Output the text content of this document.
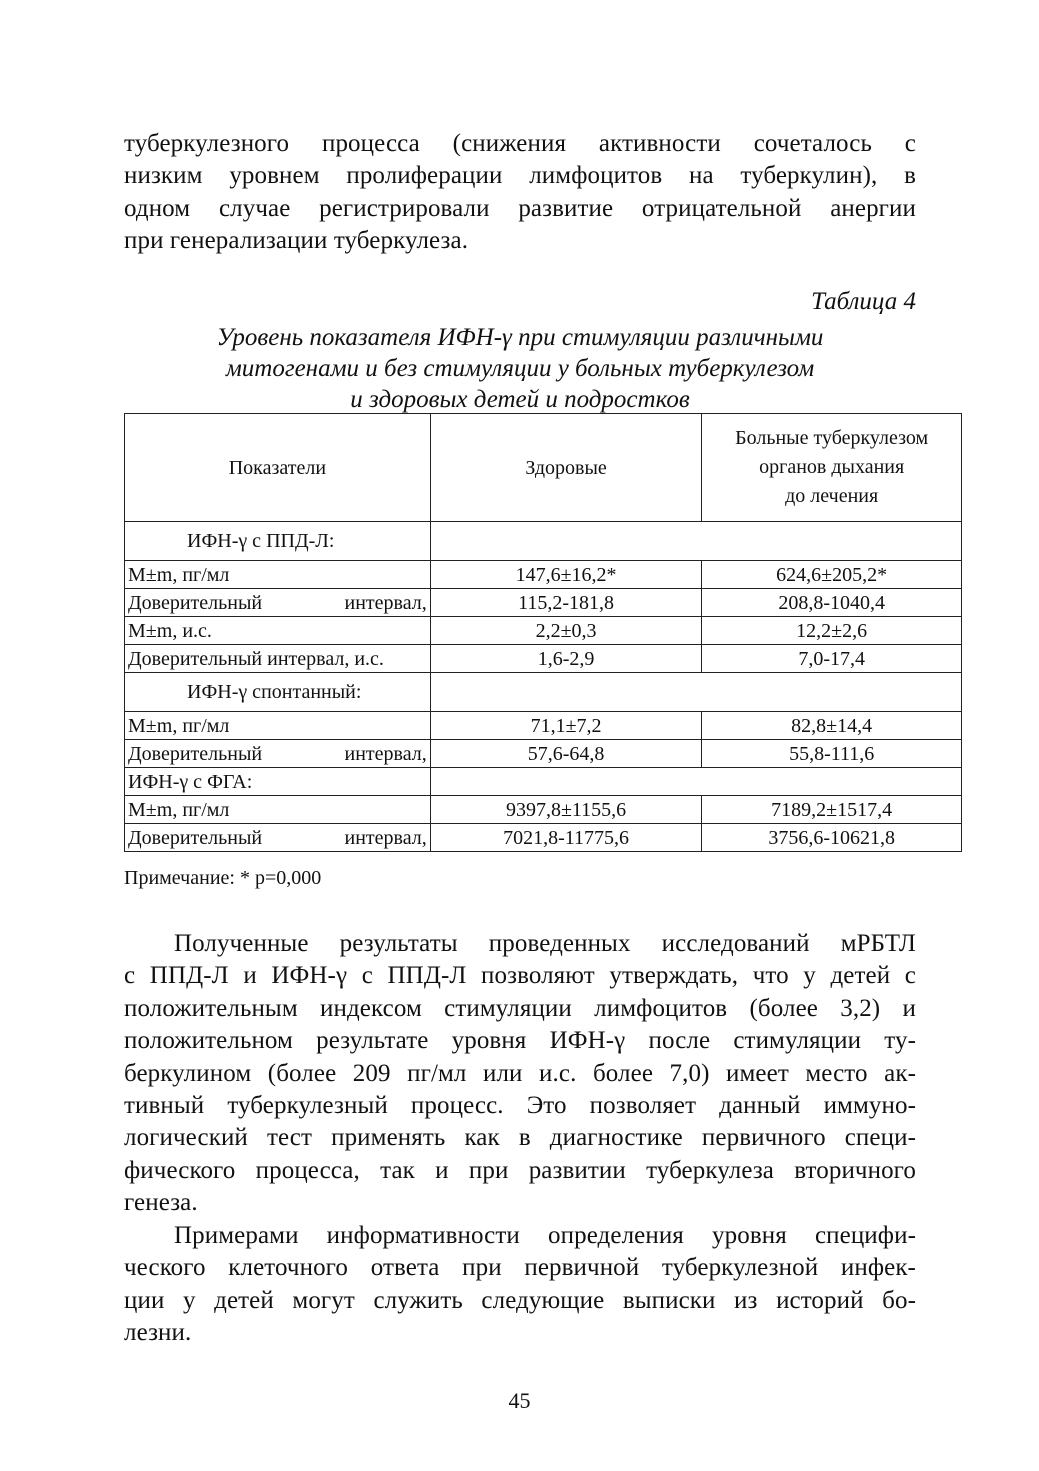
туберкулезного процесса (снижения активности сочеталось с
низким уровнем пролиферации лимфоцитов на туберкулин), в
одном случае регистрировали развитие отрицательной анергии
при генерализации туберкулеза.
Таблица 4
Уровень показателя ИФН-γ при стимуляции различными
митогенами и без стимуляции у больных туберкулезом
и здоровых детей и подростков
Показатели	Здоровые	Больные туберкулезом
органов дыхания
до лечения

ИФН-γ с ППД-Л:		
M±m, пг/мл	147,6±16,2*	624,6±205,2*
Доверительный интервал,	115,2-181,8	208,8-1040,4
M±m, и.с.	2,2±0,3	12,2±2,6
Доверительный интервал, и.с.	1,6-2,9	7,0-17,4
ИФН-γ спонтанный:		
M±m, пг/мл	71,1±7,2	82,8±14,4
Доверительный интервал,	57,6-64,8	55,8-111,6
ИФН-γ с ФГА:		
M±m, пг/мл	9397,8±1155,6	7189,2±1517,4
Доверительный интервал,	7021,8-11775,6	3756,6-10621,8
Примечание: * р=0,000
Полученные результаты проведенных исследований мРБТЛ
с ППД-Л и ИФН-γ с ППД-Л позволяют утверждать, что у детей с
положительным индексом стимуляции лимфоцитов (более 3,2) и
положительном результате уровня ИФН-γ после стимуляции ту-
беркулином (более 209 пг/мл или и.с. более 7,0) имеет место ак-
тивный туберкулезный процесс. Это позволяет данный иммуно-
логический тест применять как в диагностике первичного специ-
фического процесса, так и при развитии туберкулеза вторичного
генеза.
Примерами информативности определения уровня специфи-
ческого клеточного ответа при первичной туберкулезной инфек-
ции у детей могут служить следующие выписки из историй бо-
лезни.
45
